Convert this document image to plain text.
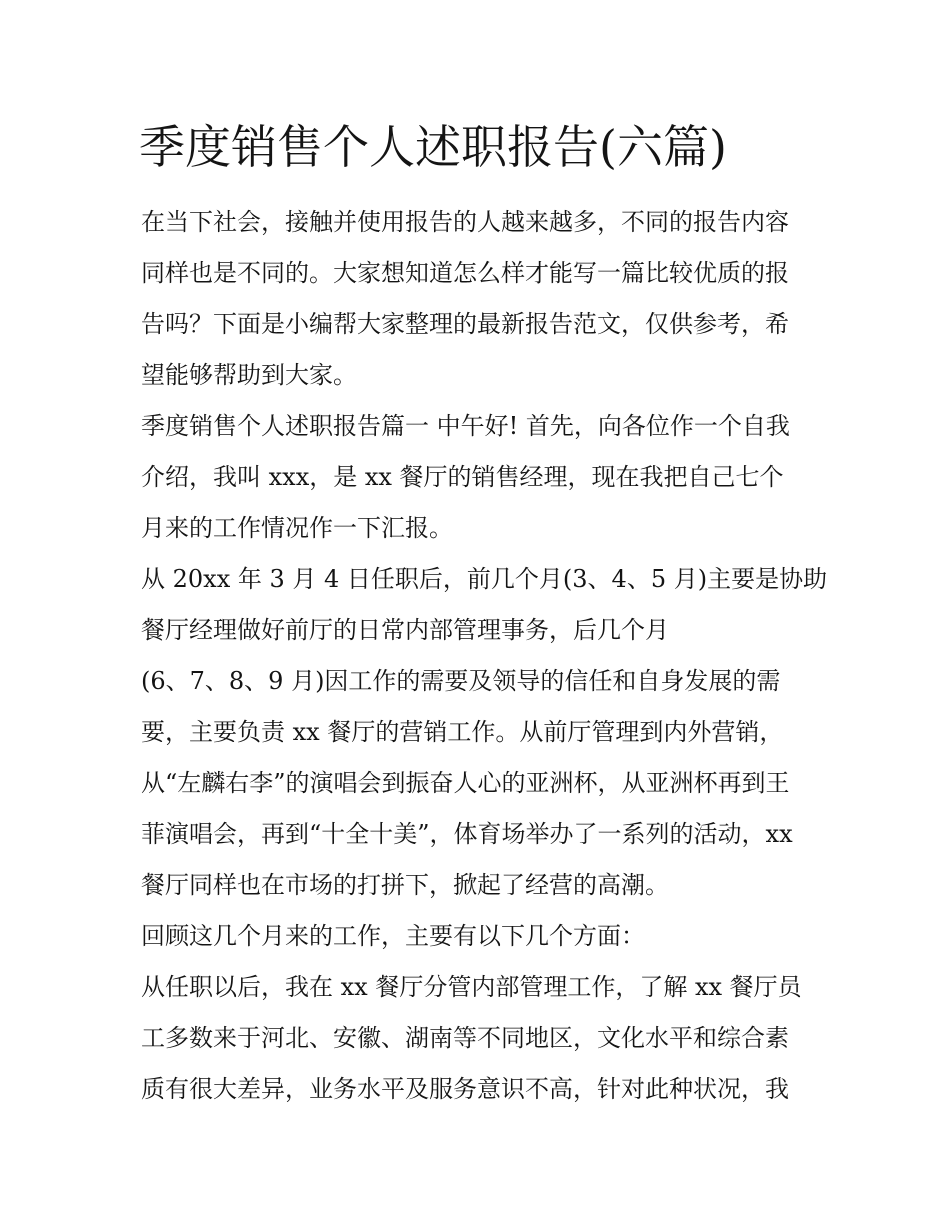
季度销售个人述职报告(六篇)
在当下社会，接触并使用报告的人越来越多，不同的报告内容
同样也是不同的。大家想知道怎么样才能写一篇比较优质的报
告吗？下面是小编帮大家整理的最新报告范文，仅供参考，希
望能够帮助到大家。
季度销售个人述职报告篇一 中午好! 首先，向各位作一个自我
介绍，我叫 xxx，是 xx 餐厅的销售经理，现在我把自己七个
月来的工作情况作一下汇报。
从 20xx 年 3 月 4 日任职后，前几个月(3、4、5 月)主要是协助
餐厅经理做好前厅的日常内部管理事务，后几个月
(6、7、8、9 月)因工作的需要及领导的信任和自身发展的需
要，主要负责 xx 餐厅的营销工作。从前厅管理到内外营销，
从“左麟右李”的演唱会到振奋人心的亚洲杯，从亚洲杯再到王
菲演唱会，再到“十全十美”，体育场举办了一系列的活动，xx
餐厅同样也在市场的打拼下，掀起了经营的高潮。
回顾这几个月来的工作，主要有以下几个方面：
从任职以后，我在 xx 餐厅分管内部管理工作，了解 xx 餐厅员
工多数来于河北、安徽、湖南等不同地区，文化水平和综合素
质有很大差异，业务水平及服务意识不高，针对此种状况，我
